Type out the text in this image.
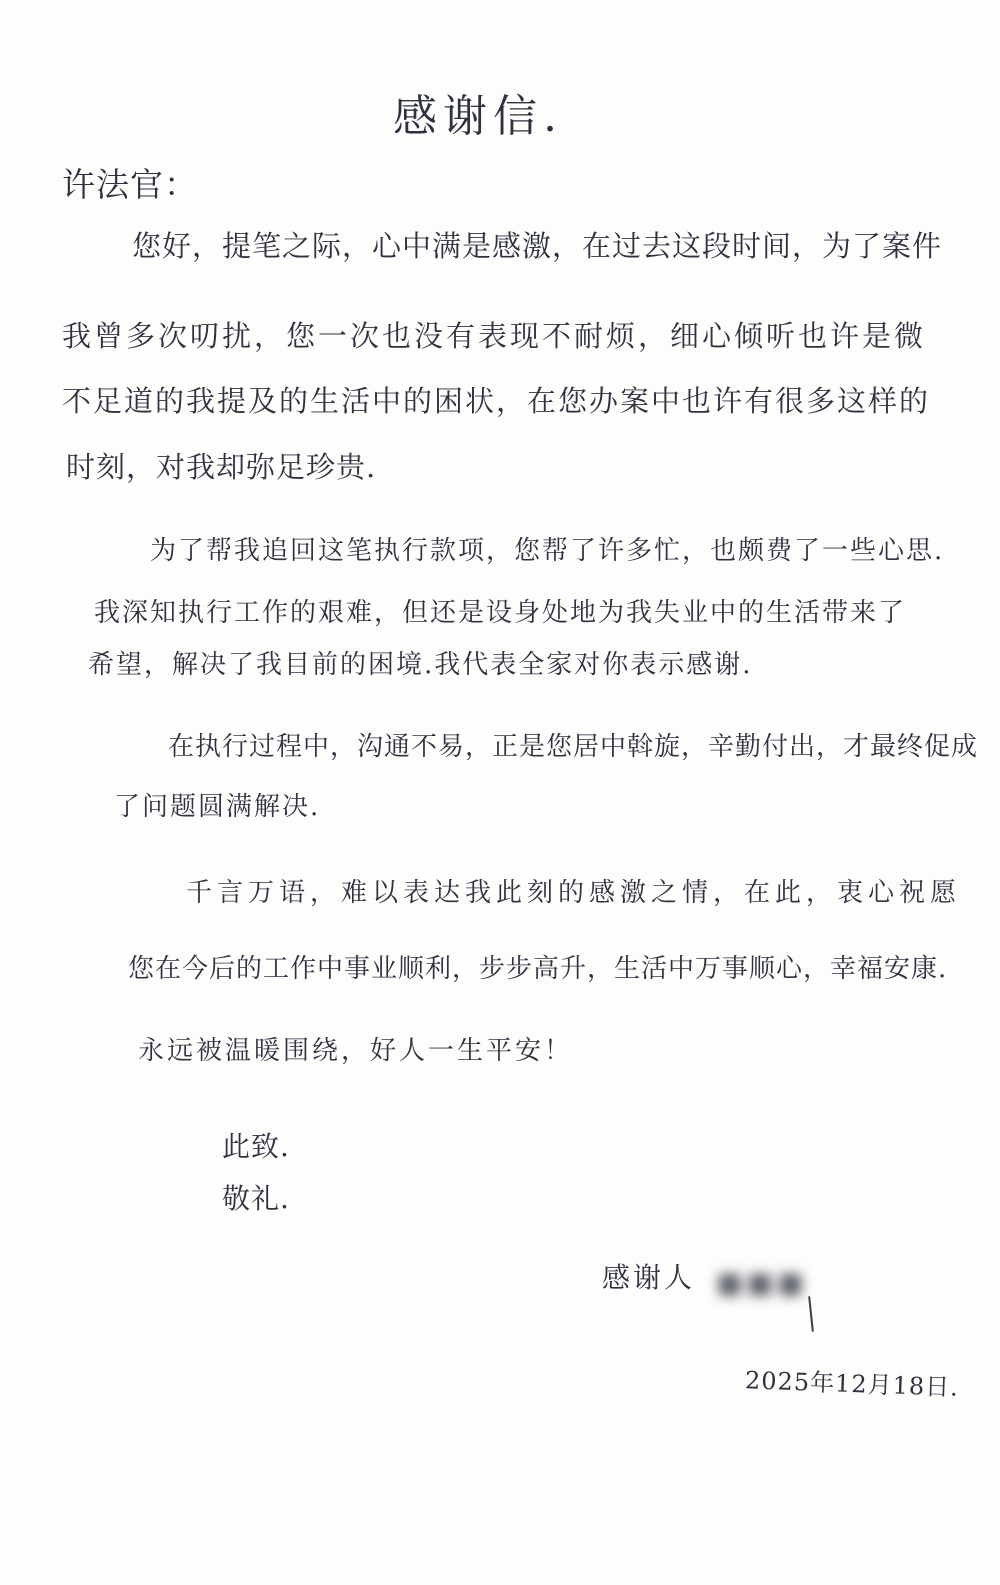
感谢信.
许法官：
您好，提笔之际，心中满是感激，在过去这段时间，为了案件
我曾多次叨扰，您一次也没有表现不耐烦，细心倾听也许是微
不足道的我提及的生活中的困状，在您办案中也许有很多这样的
时刻，对我却弥足珍贵.
为了帮我追回这笔执行款项，您帮了许多忙，也颇费了一些心思.
我深知执行工作的艰难，但还是设身处地为我失业中的生活带来了
希望，解决了我目前的困境.我代表全家对你表示感谢.
在执行过程中，沟通不易，正是您居中斡旋，辛勤付出，才最终促成
了问题圆满解决.
千言万语，难以表达我此刻的感激之情，在此，衷心祝愿
您在今后的工作中事业顺利，步步高升，生活中万事顺心，幸福安康.
永远被温暖围绕，好人一生平安！
此致.
敬礼.
感谢人 ■■■
2025年12月18日.
